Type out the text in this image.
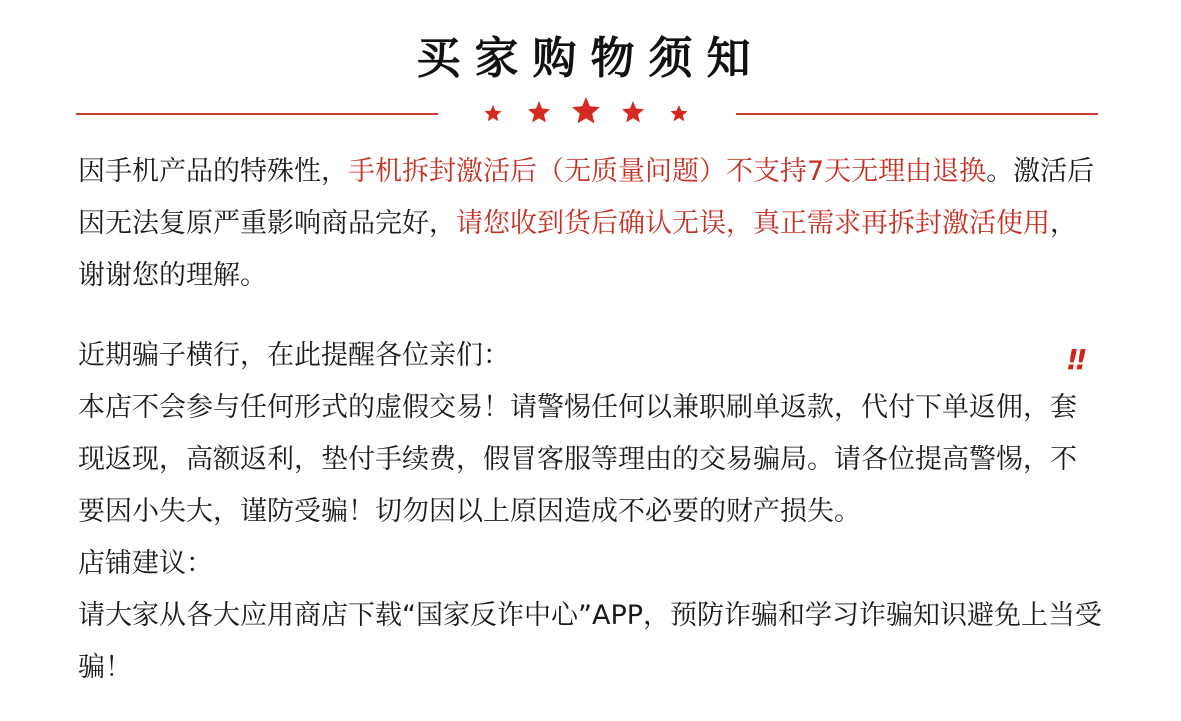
买家购物须知

因手机产品的特殊性，手机拆封激活后（无质量问题）不支持7天无理由退换。激活后因无法复原严重影响商品完好，请您收到货后确认无误，真正需求再拆封激活使用，谢谢您的理解。

近期骗子横行，在此提醒各位亲们：
本店不会参与任何形式的虚假交易！请警惕任何以兼职刷单返款，代付下单返佣，套现返现，高额返利，垫付手续费，假冒客服等理由的交易骗局。请各位提高警惕，不要因小失大，谨防受骗！切勿因以上原因造成不必要的财产损失。
店铺建议：
请大家从各大应用商店下载“国家反诈中心”APP，预防诈骗和学习诈骗知识避免上当受骗！
!!
